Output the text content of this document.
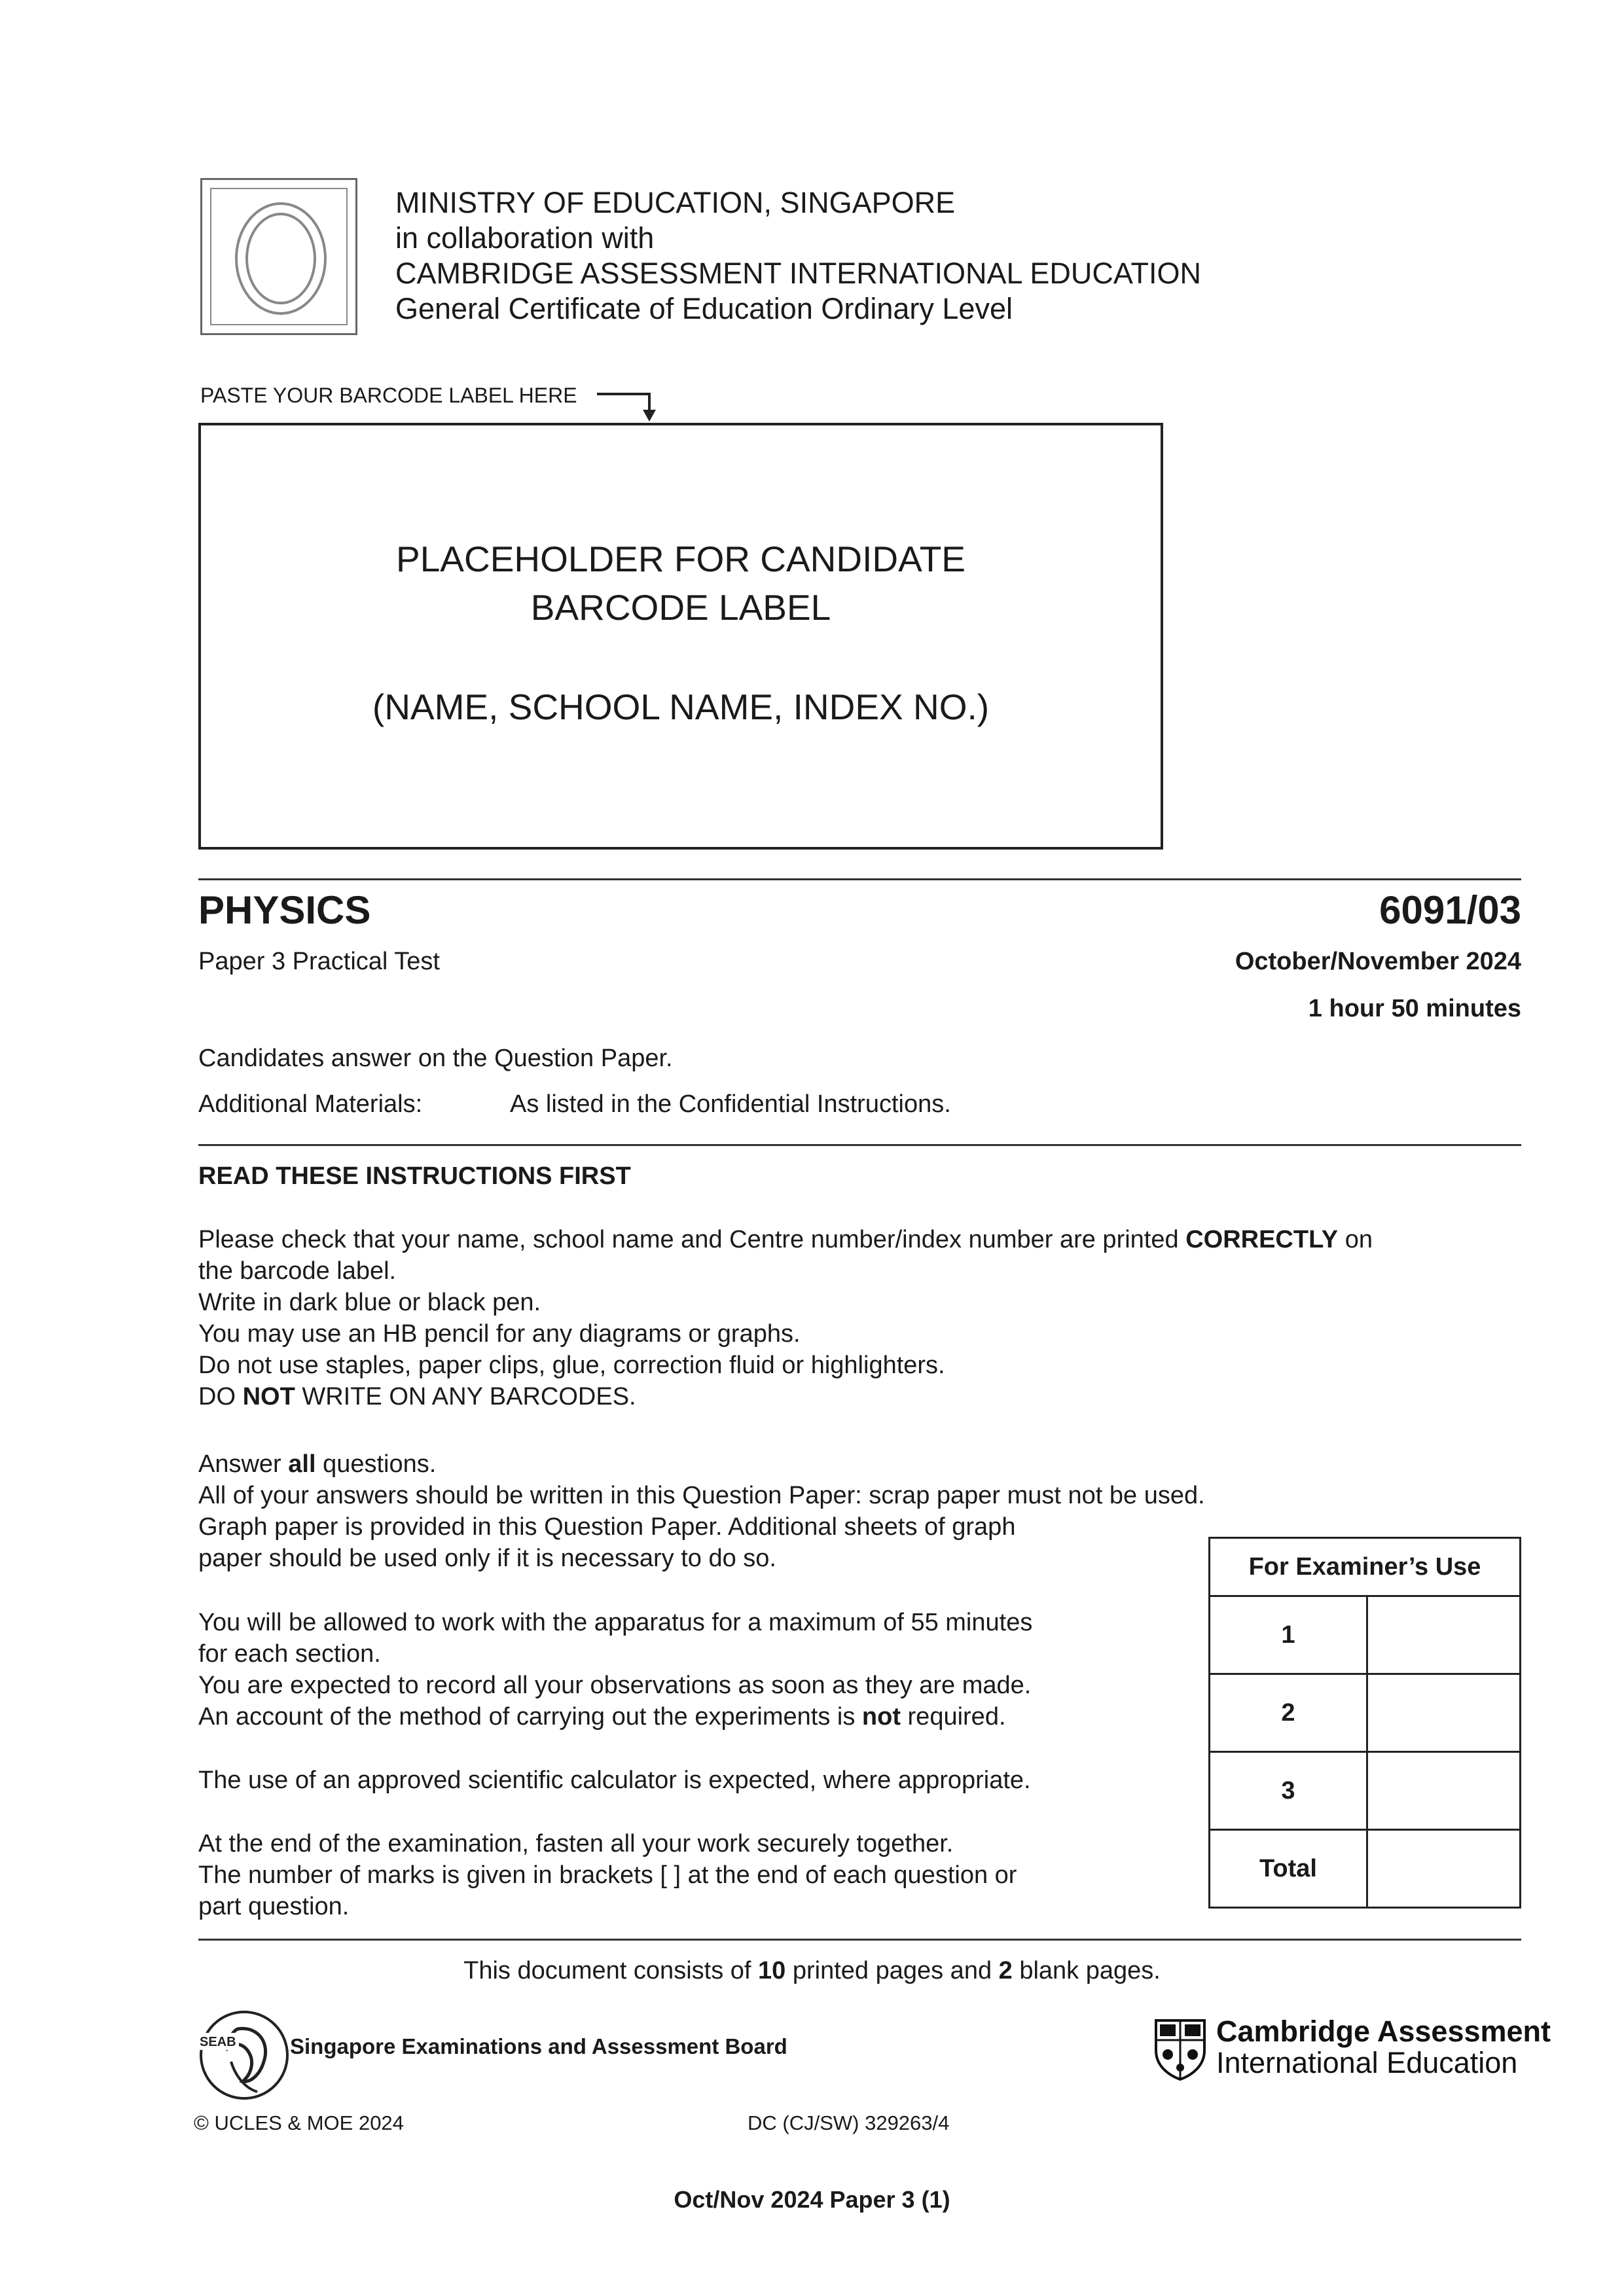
MINISTRY OF EDUCATION, SINGAPORE
in collaboration with
CAMBRIDGE ASSESSMENT INTERNATIONAL EDUCATION
General Certificate of Education Ordinary Level
PASTE YOUR BARCODE LABEL HERE
PLACEHOLDER FOR CANDIDATE
BARCODE LABEL
(NAME, SCHOOL NAME, INDEX NO.)
PHYSICS	6091/03
Paper 3 Practical Test	October/November 2024
1 hour 50 minutes
Candidates answer on the Question Paper.
Additional Materials:	As listed in the Confidential Instructions.
READ THESE INSTRUCTIONS FIRST
Please check that your name, school name and Centre number/index number are printed CORRECTLY on
the barcode label.
Write in dark blue or black pen.
You may use an HB pencil for any diagrams or graphs.
Do not use staples, paper clips, glue, correction fluid or highlighters.
DO NOT WRITE ON ANY BARCODES.
Answer all questions.
All of your answers should be written in this Question Paper: scrap paper must not be used.
Graph paper is provided in this Question Paper. Additional sheets of graph
paper should be used only if it is necessary to do so.
You will be allowed to work with the apparatus for a maximum of 55 minutes
for each section.
You are expected to record all your observations as soon as they are made.
An account of the method of carrying out the experiments is not required.
The use of an approved scientific calculator is expected, where appropriate.
At the end of the examination, fasten all your work securely together.
The number of marks is given in brackets [ ] at the end of each question or
part question.
For Examiner’s Use	
1	
2	
3	
Total	
This document consists of 10 printed pages and 2 blank pages.
SEAB Singapore Examinations and Assessment Board	Cambridge Assessment
International Education
© UCLES & MOE 2024	DC (CJ/SW) 329263/4
Oct/Nov 2024 Paper 3 (1)
